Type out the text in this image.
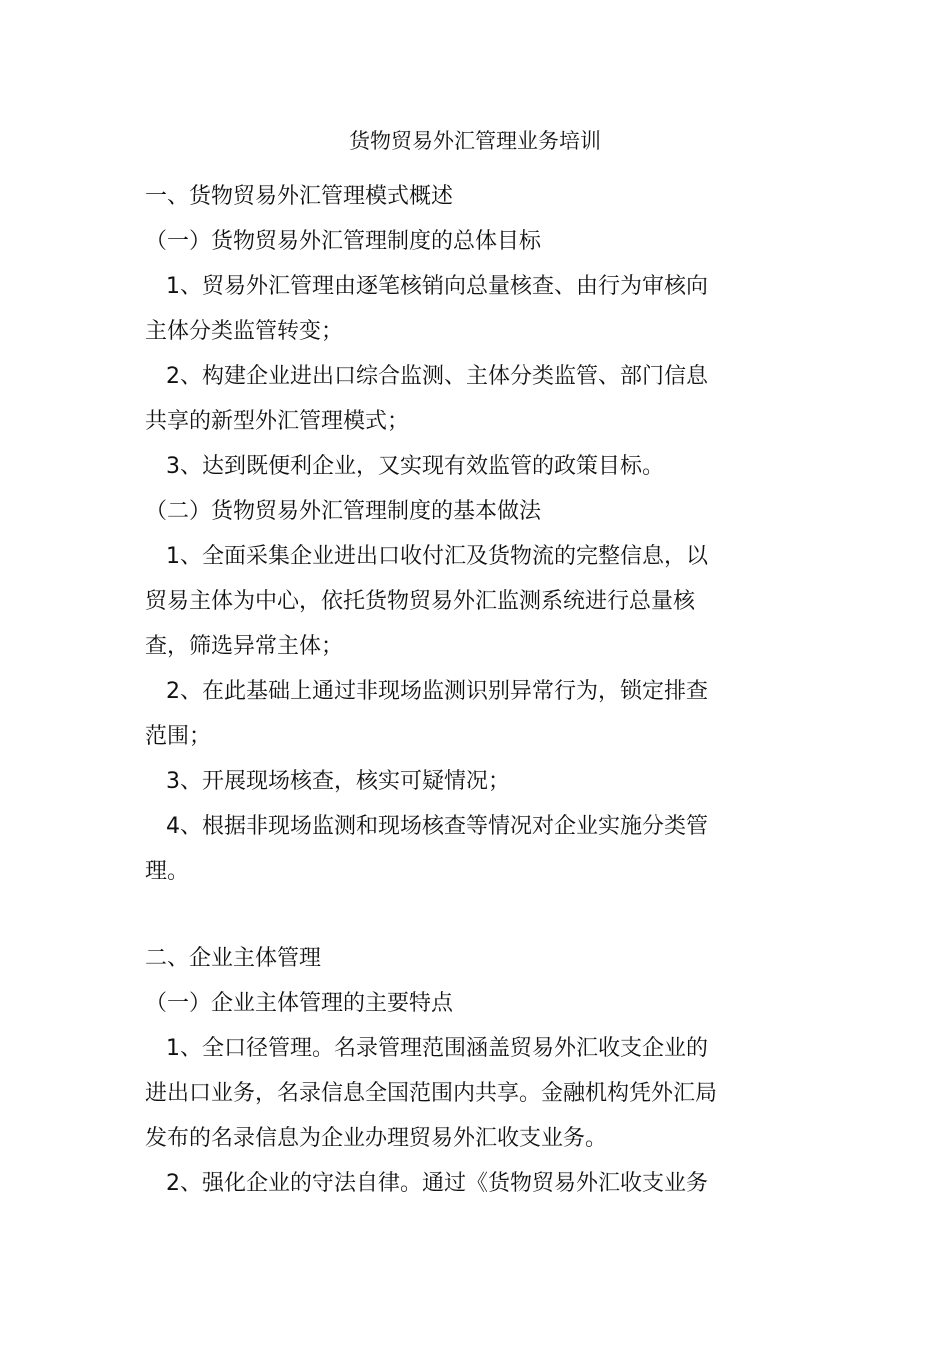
货物贸易外汇管理业务培训
一、货物贸易外汇管理模式概述
（一）货物贸易外汇管理制度的总体目标
1、贸易外汇管理由逐笔核销向总量核查、由行为审核向
主体分类监管转变；
2、构建企业进出口综合监测、主体分类监管、部门信息
共享的新型外汇管理模式；
3、达到既便利企业，又实现有效监管的政策目标。
（二）货物贸易外汇管理制度的基本做法
1、全面采集企业进出口收付汇及货物流的完整信息，以
贸易主体为中心，依托货物贸易外汇监测系统进行总量核
查，筛选异常主体；
2、在此基础上通过非现场监测识别异常行为，锁定排查
范围；
3、开展现场核查，核实可疑情况；
4、根据非现场监测和现场核查等情况对企业实施分类管
理。
二、企业主体管理
（一）企业主体管理的主要特点
1、全口径管理。名录管理范围涵盖贸易外汇收支企业的
进出口业务，名录信息全国范围内共享。金融机构凭外汇局
发布的名录信息为企业办理贸易外汇收支业务。
2、强化企业的守法自律。通过《货物贸易外汇收支业务
